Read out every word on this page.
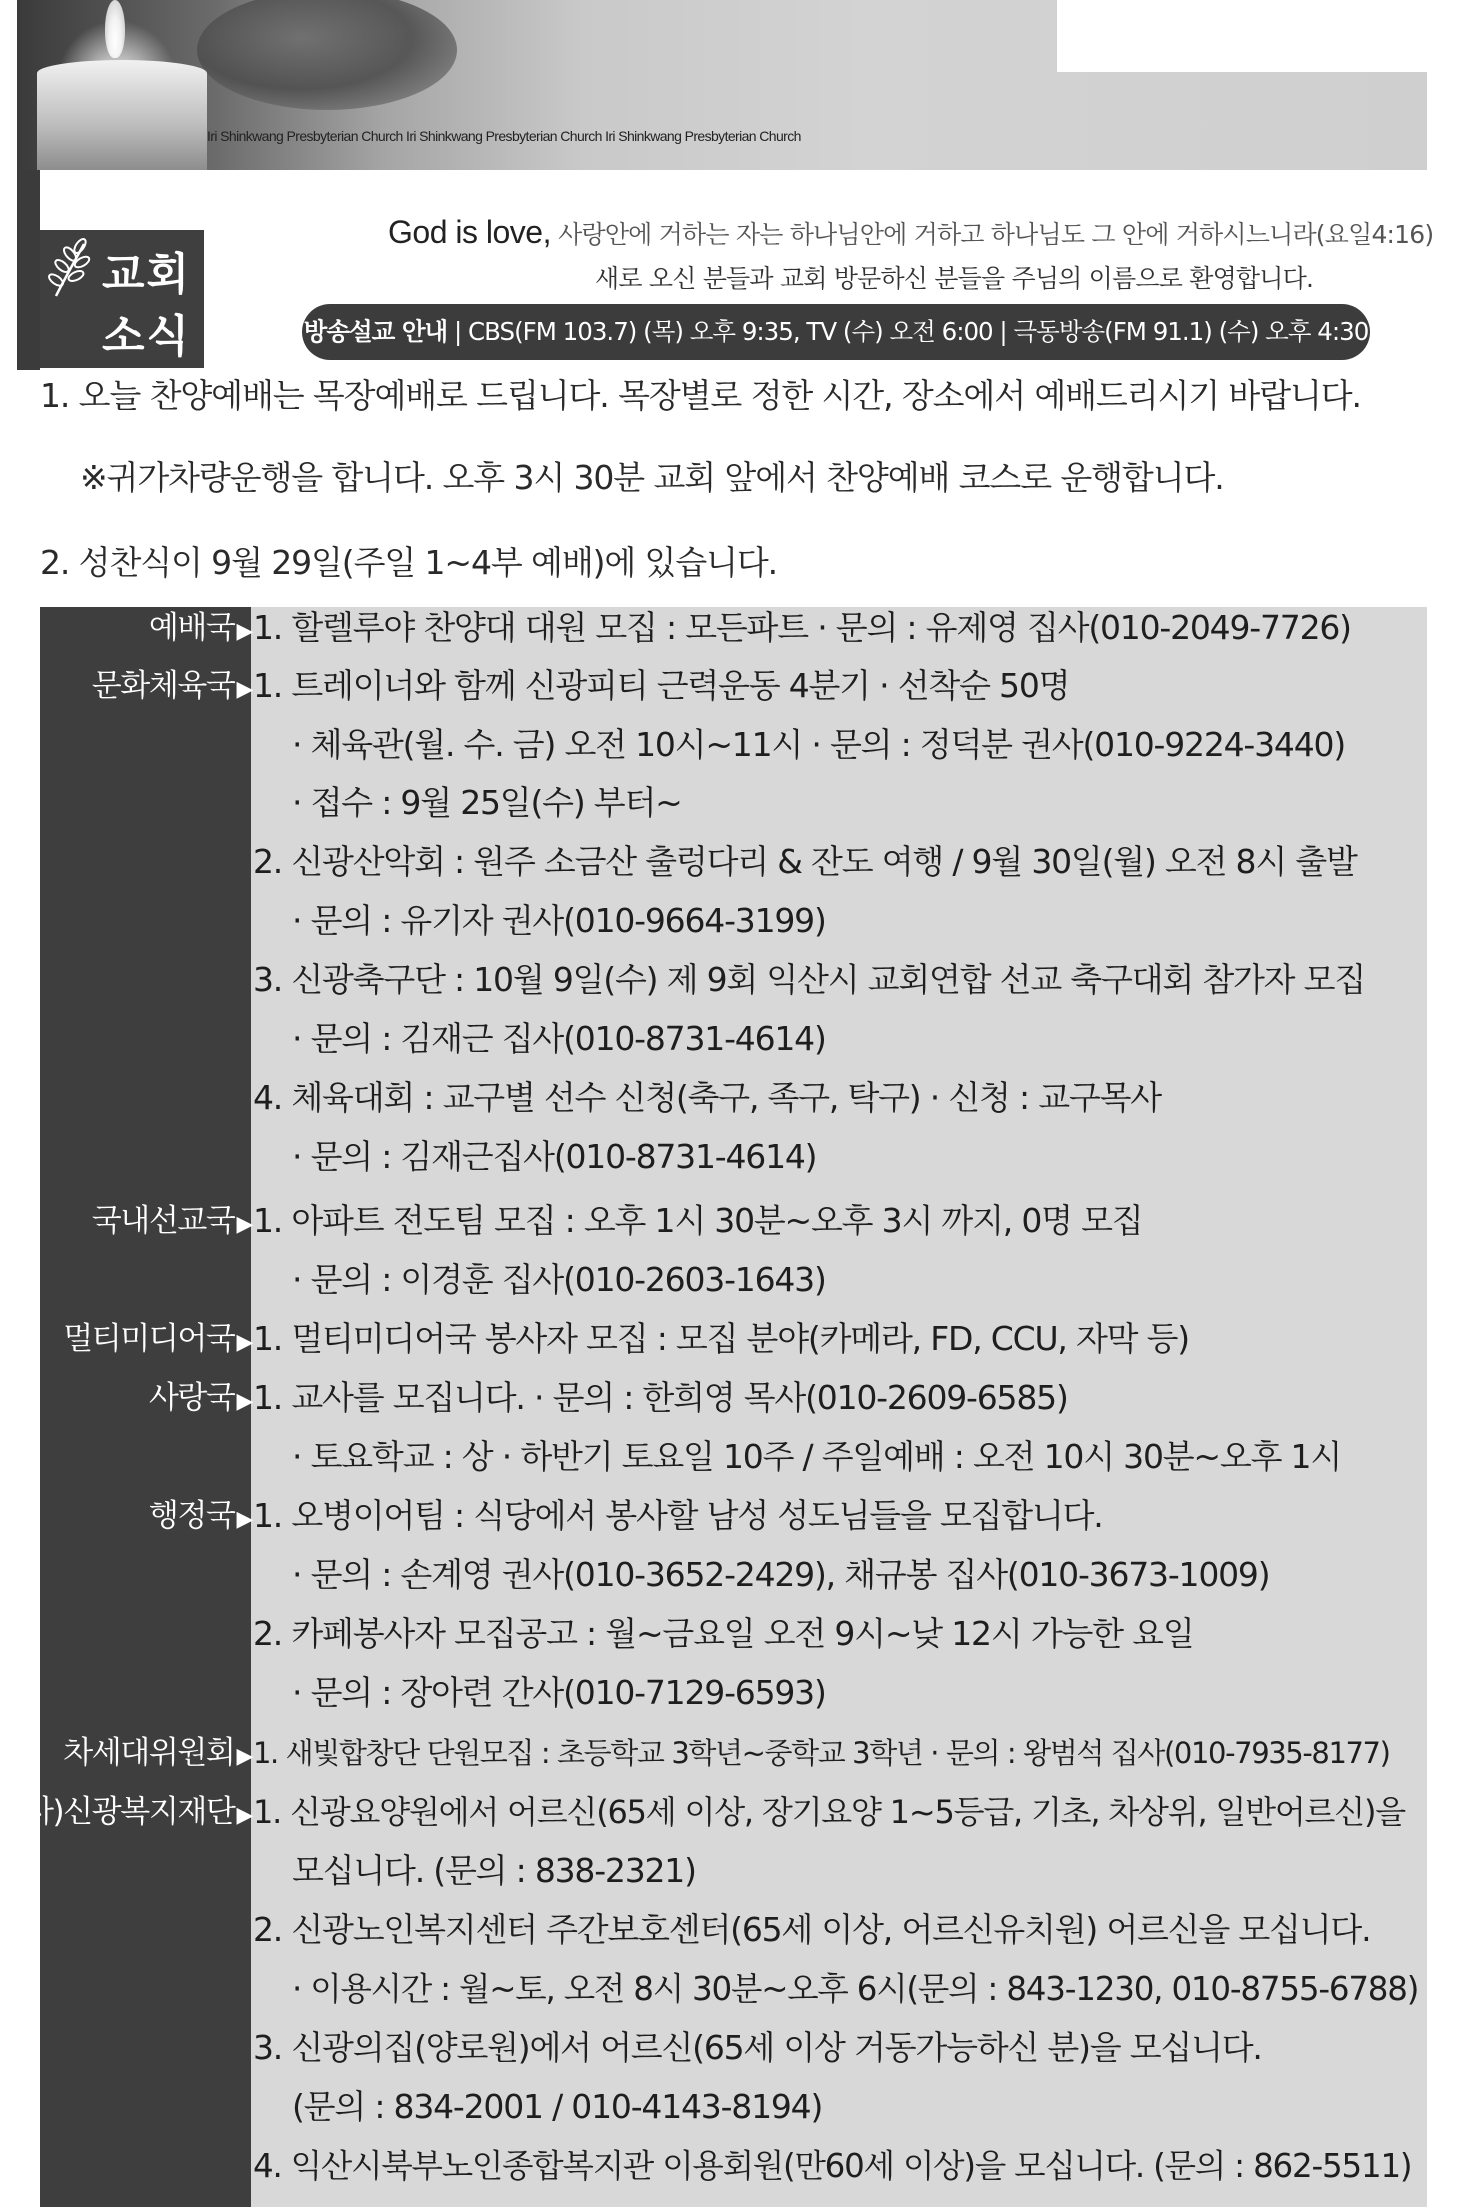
Iri Shinkwang Presbyterian Church Iri Shinkwang Presbyterian Church Iri Shinkwang Presbyterian Church
교회
소식
God is love, 사랑안에 거하는 자는 하나님안에 거하고 하나님도 그 안에 거하시느니라(요일4:16)
새로 오신 분들과 교회 방문하신 분들을 주님의 이름으로 환영합니다.
방송설교 안내 | CBS(FM 103.7) (목) 오후 9:35, TV (수) 오전 6:00 | 극동방송(FM 91.1) (수) 오후 4:30
1. 오늘 찬양예배는 목장예배로 드립니다. 목장별로 정한 시간, 장소에서 예배드리시기 바랍니다.
※귀가차량운행을 합니다. 오후 3시 30분 교회 앞에서 찬양예배 코스로 운행합니다.
2. 성찬식이 9월 29일(주일 1~4부 예배)에 있습니다.
예배국▶
문화체육국▶
국내선교국▶
멀티미디어국▶
사랑국▶
행정국▶
차세대위원회▶
사)신광복지재단▶
1. 할렐루야 찬양대 대원 모집 : 모든파트 · 문의 : 유제영 집사(010-2049-7726)
1. 트레이너와 함께 신광피티 근력운동 4분기 · 선착순 50명
· 체육관(월. 수. 금) 오전 10시~11시 · 문의 : 정덕분 권사(010-9224-3440)
· 접수 : 9월 25일(수) 부터~
2. 신광산악회 : 원주 소금산 출렁다리 & 잔도 여행 / 9월 30일(월) 오전 8시 출발
· 문의 : 유기자 권사(010-9664-3199)
3. 신광축구단 : 10월 9일(수) 제 9회 익산시 교회연합 선교 축구대회 참가자 모집
· 문의 : 김재근 집사(010-8731-4614)
4. 체육대회 : 교구별 선수 신청(축구, 족구, 탁구) · 신청 : 교구목사
· 문의 : 김재근집사(010-8731-4614)
1. 아파트 전도팀 모집 : 오후 1시 30분~오후 3시 까지, 0명 모집
· 문의 : 이경훈 집사(010-2603-1643)
1. 멀티미디어국 봉사자 모집 : 모집 분야(카메라, FD, CCU, 자막 등)
1. 교사를 모집니다. · 문의 : 한희영 목사(010-2609-6585)
· 토요학교 : 상 · 하반기 토요일 10주 / 주일예배 : 오전 10시 30분~오후 1시
1. 오병이어팀 : 식당에서 봉사할 남성 성도님들을 모집합니다.
· 문의 : 손계영 권사(010-3652-2429), 채규봉 집사(010-3673-1009)
2. 카페봉사자 모집공고 : 월~금요일 오전 9시~낮 12시 가능한 요일
· 문의 : 장아련 간사(010-7129-6593)
1. 새빛합창단 단원모집 : 초등학교 3학년~중학교 3학년 · 문의 : 왕범석 집사(010-7935-8177)
1. 신광요양원에서 어르신(65세 이상, 장기요양 1~5등급, 기초, 차상위, 일반어르신)을
모십니다. (문의 : 838-2321)
2. 신광노인복지센터 주간보호센터(65세 이상, 어르신유치원) 어르신을 모십니다.
· 이용시간 : 월~토, 오전 8시 30분~오후 6시(문의 : 843-1230, 010-8755-6788)
3. 신광의집(양로원)에서 어르신(65세 이상 거동가능하신 분)을 모십니다.
(문의 : 834-2001 / 010-4143-8194)
4. 익산시북부노인종합복지관 이용회원(만60세 이상)을 모십니다. (문의 : 862-5511)
